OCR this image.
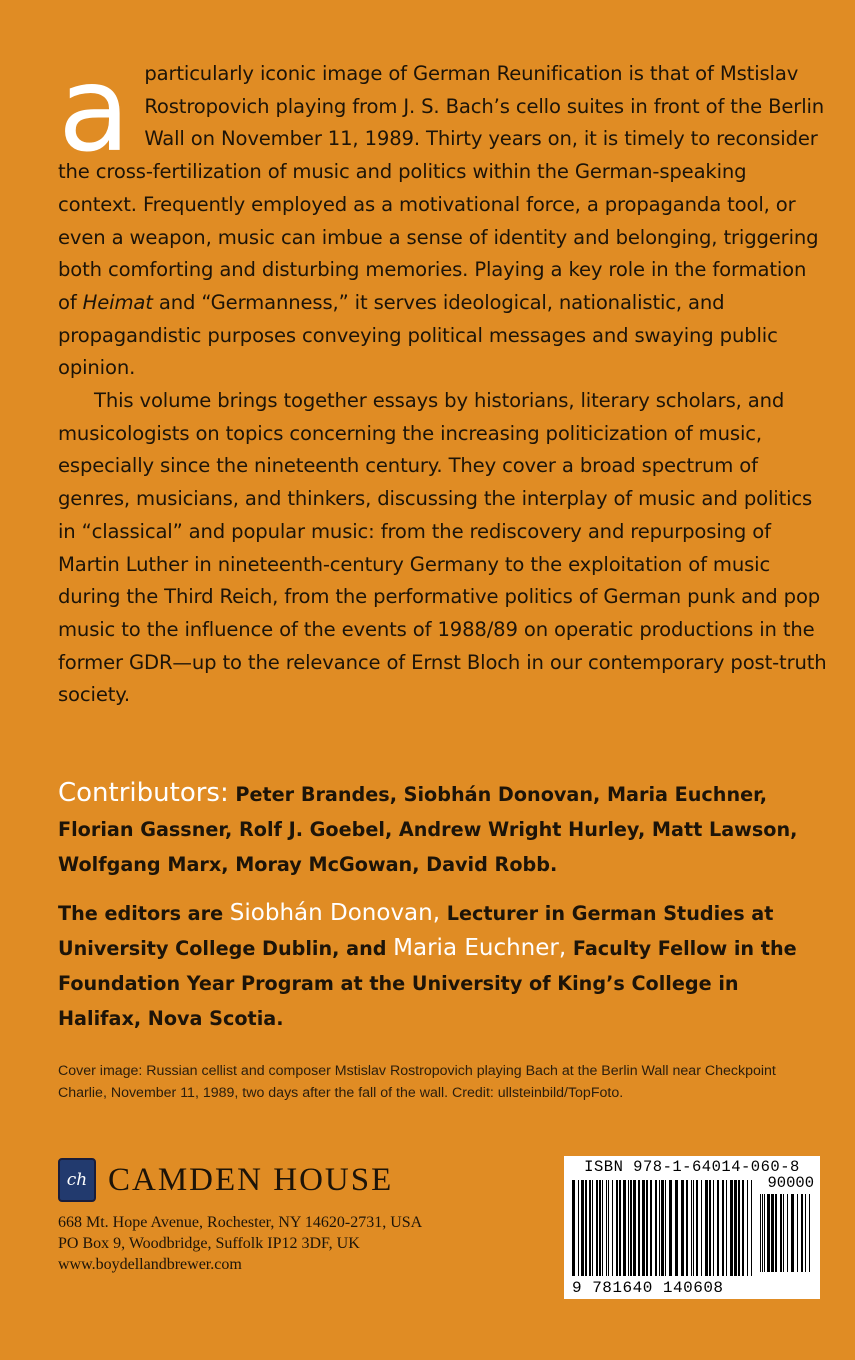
a particularly iconic image of German Reunification is that of Mstislav Rostropovich playing from J. S. Bach’s cello suites in front of the Berlin Wall on November 11, 1989. Thirty years on, it is timely to reconsider the cross-fertilization of music and politics within the German-speaking context. Frequently employed as a motivational force, a propaganda tool, or even a weapon, music can imbue a sense of identity and belonging, triggering both comforting and disturbing memories. Playing a key role in the formation of Heimat and “Germanness,” it serves ideological, nationalistic, and propagandistic purposes conveying political messages and swaying public opinion.

This volume brings together essays by historians, literary scholars, and musicologists on topics concerning the increasing politicization of music, especially since the nineteenth century. They cover a broad spectrum of genres, musicians, and thinkers, discussing the interplay of music and politics in “classical” and popular music: from the rediscovery and repurposing of Martin Luther in nineteenth-century Germany to the exploitation of music during the Third Reich, from the performative politics of German punk and pop music to the influence of the events of 1988/89 on operatic productions in the former GDR—up to the relevance of Ernst Bloch in our contemporary post-truth society.

Contributors: Peter Brandes, Siobhán Donovan, Maria Euchner, Florian Gassner, Rolf J. Goebel, Andrew Wright Hurley, Matt Lawson, Wolfgang Marx, Moray McGowan, David Robb.
The editors are Siobhán Donovan, Lecturer in German Studies at University College Dublin, and Maria Euchner, Faculty Fellow in the Foundation Year Program at the University of King’s College in Halifax, Nova Scotia.
Cover image: Russian cellist and composer Mstislav Rostropovich playing Bach at the Berlin Wall near Checkpoint Charlie, November 11, 1989, two days after the fall of the wall. Credit: ullsteinbild/TopFoto.
ch CAMDEN HOUSE
668 Mt. Hope Avenue, Rochester, NY 14620-2731, USA
PO Box 9, Woodbridge, Suffolk IP12 3DF, UK
www.boydellandbrewer.com
ISBN 978-1-64014-060-8
90000
9 781640 140608
